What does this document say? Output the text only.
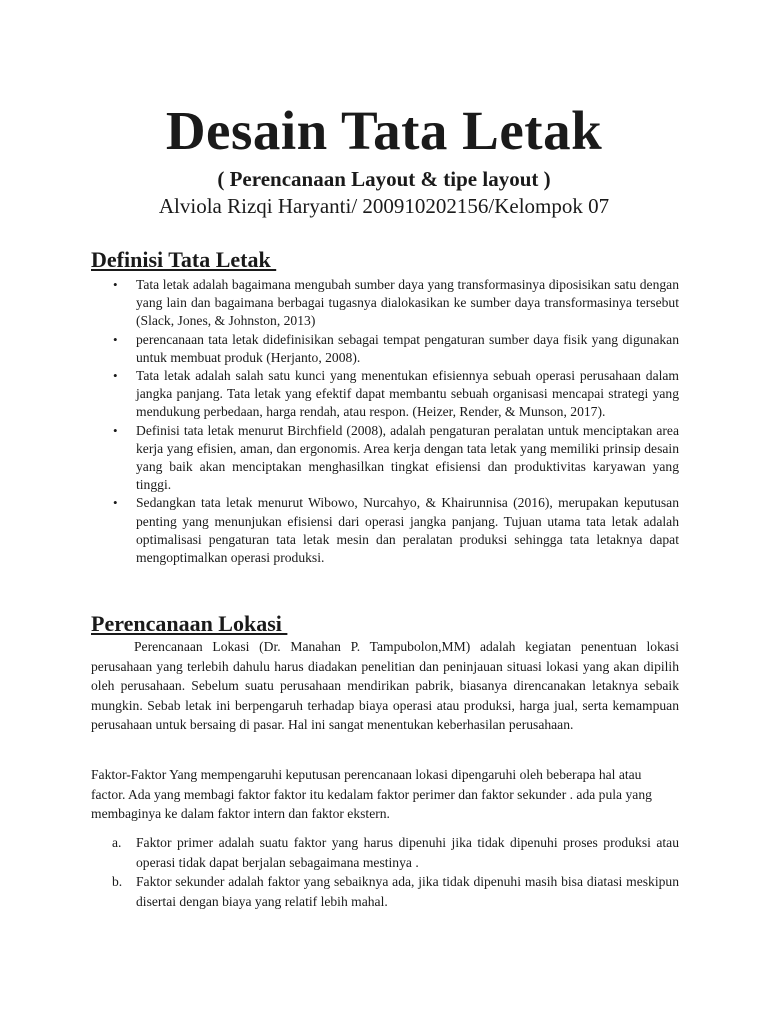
Desain Tata Letak

( Perencanaan Layout & tipe layout )

Alviola Rizqi Haryanti/ 200910202156/Kelompok 07

Definisi Tata Letak
• Tata letak adalah bagaimana mengubah sumber daya yang transformasinya diposisikan satu dengan yang lain dan bagaimana berbagai tugasnya dialokasikan ke sumber daya transformasinya tersebut (Slack, Jones, & Johnston, 2013)
• perencanaan tata letak didefinisikan sebagai tempat pengaturan sumber daya fisik yang digunakan untuk membuat produk (Herjanto, 2008).
• Tata letak adalah salah satu kunci yang menentukan efisiennya sebuah operasi perusahaan dalam jangka panjang. Tata letak yang efektif dapat membantu sebuah organisasi mencapai strategi yang mendukung perbedaan, harga rendah, atau respon. (Heizer, Render, & Munson, 2017).
• Definisi tata letak menurut Birchfield (2008), adalah pengaturan peralatan untuk menciptakan area kerja yang efisien, aman, dan ergonomis. Area kerja dengan tata letak yang memiliki prinsip desain yang baik akan menciptakan menghasilkan tingkat efisiensi dan produktivitas karyawan yang tinggi.
• Sedangkan tata letak menurut Wibowo, Nurcahyo, & Khairunnisa (2016), merupakan keputusan penting yang menunjukan efisiensi dari operasi jangka panjang. Tujuan utama tata letak adalah optimalisasi pengaturan tata letak mesin dan peralatan produksi sehingga tata letaknya dapat mengoptimalkan operasi produksi.
Perencanaan Lokasi

Perencanaan Lokasi (Dr. Manahan P. Tampubolon,MM) adalah kegiatan penentuan lokasi perusahaan yang terlebih dahulu harus diadakan penelitian dan peninjauan situasi lokasi yang akan dipilih oleh perusahaan. Sebelum suatu perusahaan mendirikan pabrik, biasanya direncanakan letaknya sebaik mungkin. Sebab letak ini berpengaruh terhadap biaya operasi atau produksi, harga jual, serta kemampuan perusahaan untuk bersaing di pasar. Hal ini sangat menentukan keberhasilan perusahaan.

Faktor-Faktor Yang mempengaruhi keputusan perencanaan lokasi dipengaruhi oleh beberapa hal atau factor. Ada yang membagi faktor faktor itu kedalam faktor perimer dan faktor sekunder . ada pula yang membaginya ke dalam faktor intern dan faktor ekstern.

a. Faktor primer adalah suatu faktor yang harus dipenuhi jika tidak dipenuhi proses produksi atau operasi tidak dapat berjalan sebagaimana mestinya .
b. Faktor sekunder adalah faktor yang sebaiknya ada, jika tidak dipenuhi masih bisa diatasi meskipun disertai dengan biaya yang relatif lebih mahal.
